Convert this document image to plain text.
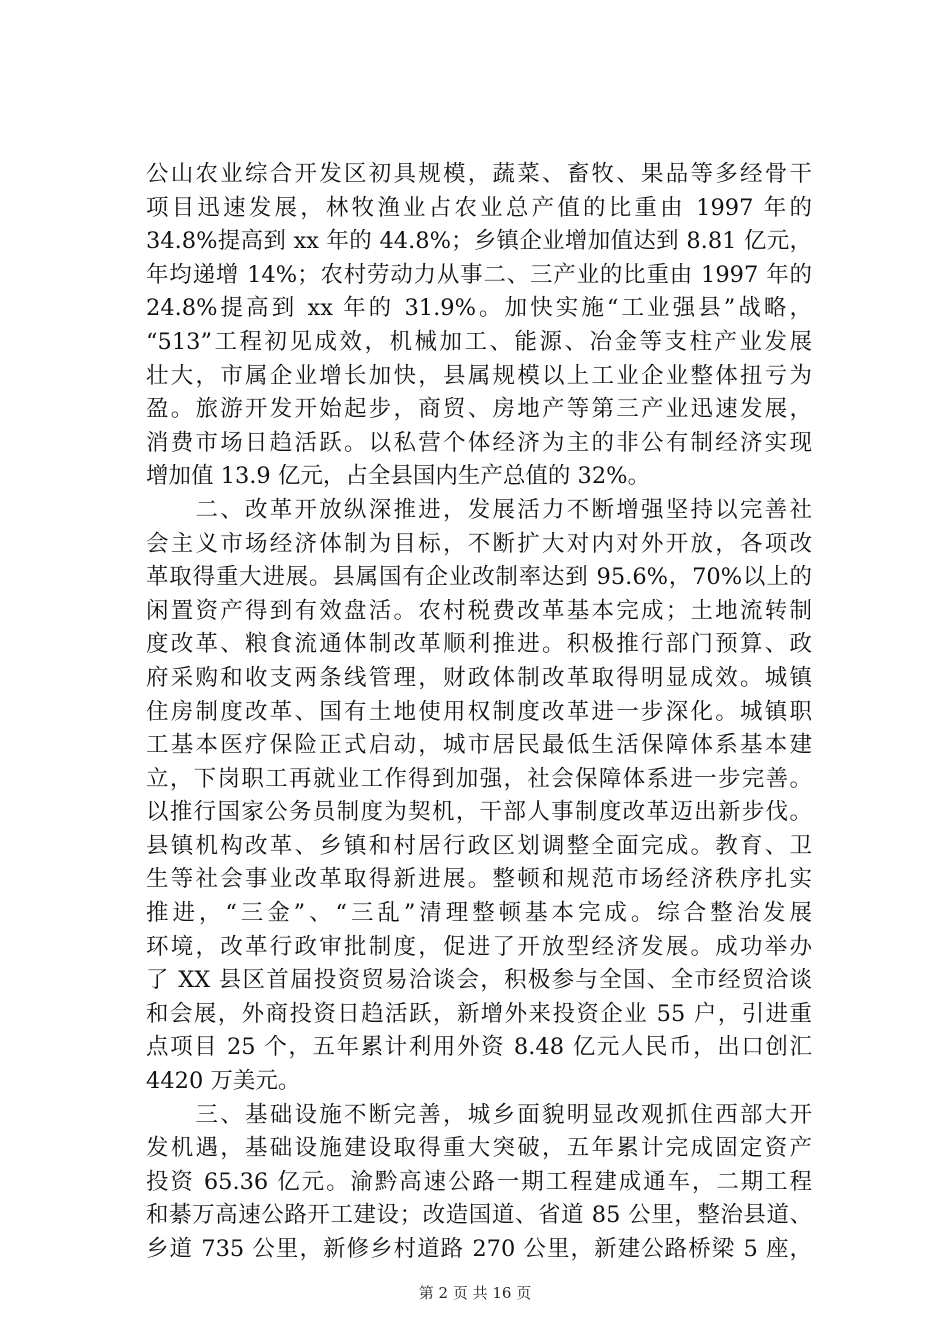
公山农业综合开发区初具规模，蔬菜、畜牧、果品等多经骨干
项目迅速发展，林牧渔业占农业总产值的比重由 1997 年的
34.8%提高到 xx 年的 44.8%；乡镇企业增加值达到 8.81 亿元，
年均递增 14%；农村劳动力从事二、三产业的比重由 1997 年的
24.8%提高到 xx 年的 31.9%。加快实施“工业强县”战略，
“513”工程初见成效，机械加工、能源、冶金等支柱产业发展
壮大，市属企业增长加快，县属规模以上工业企业整体扭亏为
盈。旅游开发开始起步，商贸、房地产等第三产业迅速发展，
消费市场日趋活跃。以私营个体经济为主的非公有制经济实现
增加值 13.9 亿元，占全县国内生产总值的 32%。
　　二、改革开放纵深推进，发展活力不断增强坚持以完善社
会主义市场经济体制为目标，不断扩大对内对外开放，各项改
革取得重大进展。县属国有企业改制率达到 95.6%，70%以上的
闲置资产得到有效盘活。农村税费改革基本完成；土地流转制
度改革、粮食流通体制改革顺利推进。积极推行部门预算、政
府采购和收支两条线管理，财政体制改革取得明显成效。城镇
住房制度改革、国有土地使用权制度改革进一步深化。城镇职
工基本医疗保险正式启动，城市居民最低生活保障体系基本建
立，下岗职工再就业工作得到加强，社会保障体系进一步完善。
以推行国家公务员制度为契机，干部人事制度改革迈出新步伐。
县镇机构改革、乡镇和村居行政区划调整全面完成。教育、卫
生等社会事业改革取得新进展。整顿和规范市场经济秩序扎实
推进，“三金”、“三乱”清理整顿基本完成。综合整治发展
环境，改革行政审批制度，促进了开放型经济发展。成功举办
了 XX 县区首届投资贸易洽谈会，积极参与全国、全市经贸洽谈
和会展，外商投资日趋活跃，新增外来投资企业 55 户，引进重
点项目 25 个，五年累计利用外资 8.48 亿元人民币，出口创汇
4420 万美元。
　　三、基础设施不断完善，城乡面貌明显改观抓住西部大开
发机遇，基础设施建设取得重大突破，五年累计完成固定资产
投资 65.36 亿元。渝黔高速公路一期工程建成通车，二期工程
和綦万高速公路开工建设；改造国道、省道 85 公里，整治县道、
乡道 735 公里，新修乡村道路 270 公里，新建公路桥梁 5 座，
第 2 页 共 16 页
